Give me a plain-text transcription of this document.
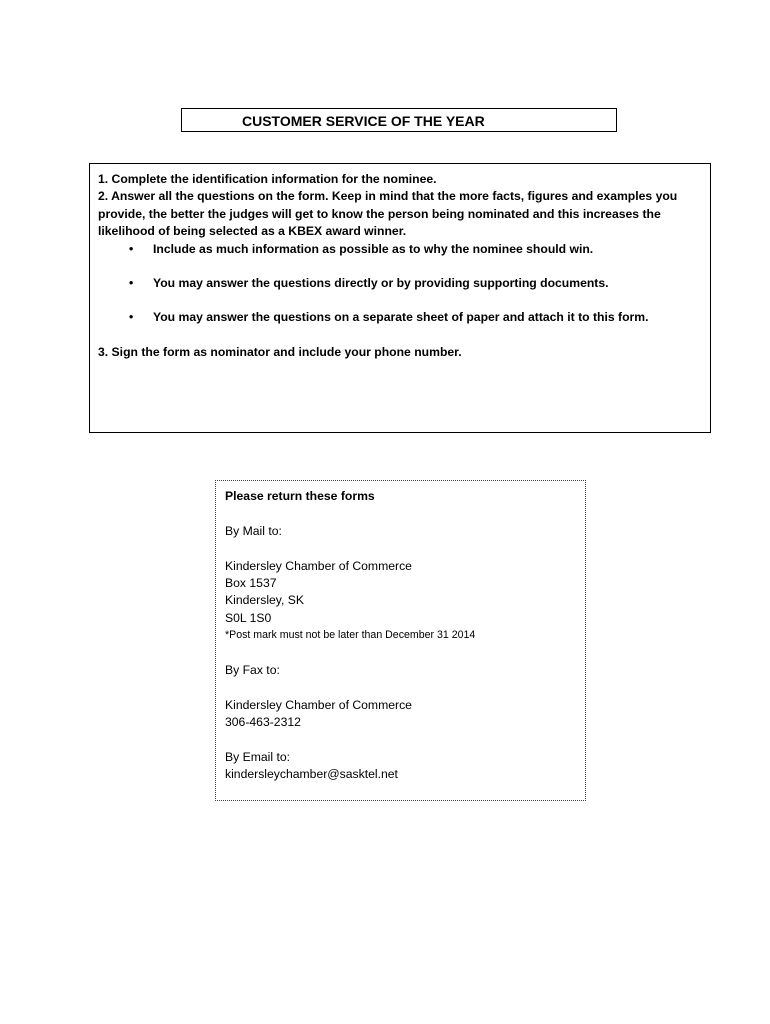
CUSTOMER SERVICE OF THE YEAR

1. Complete the identification information for the nominee.

2. Answer all the questions on the form. Keep in mind that the more facts, figures and examples you provide, the better the judges will get to know the person being nominated and this increases the likelihood of being selected as a KBEX award winner.

• Include as much information as possible as to why the nominee should win.

• You may answer the questions directly or by providing supporting documents.

• You may answer the questions on a separate sheet of paper and attach it to this form.

3. Sign the form as nominator and include your phone number.

Please return these forms

By Mail to:

Kindersley Chamber of Commerce

Box 1537

Kindersley, SK

S0L 1S0

*Post mark must not be later than December 31 2014

By Fax to:

Kindersley Chamber of Commerce

306-463-2312

By Email to:

kindersleychamber@sasktel.net
